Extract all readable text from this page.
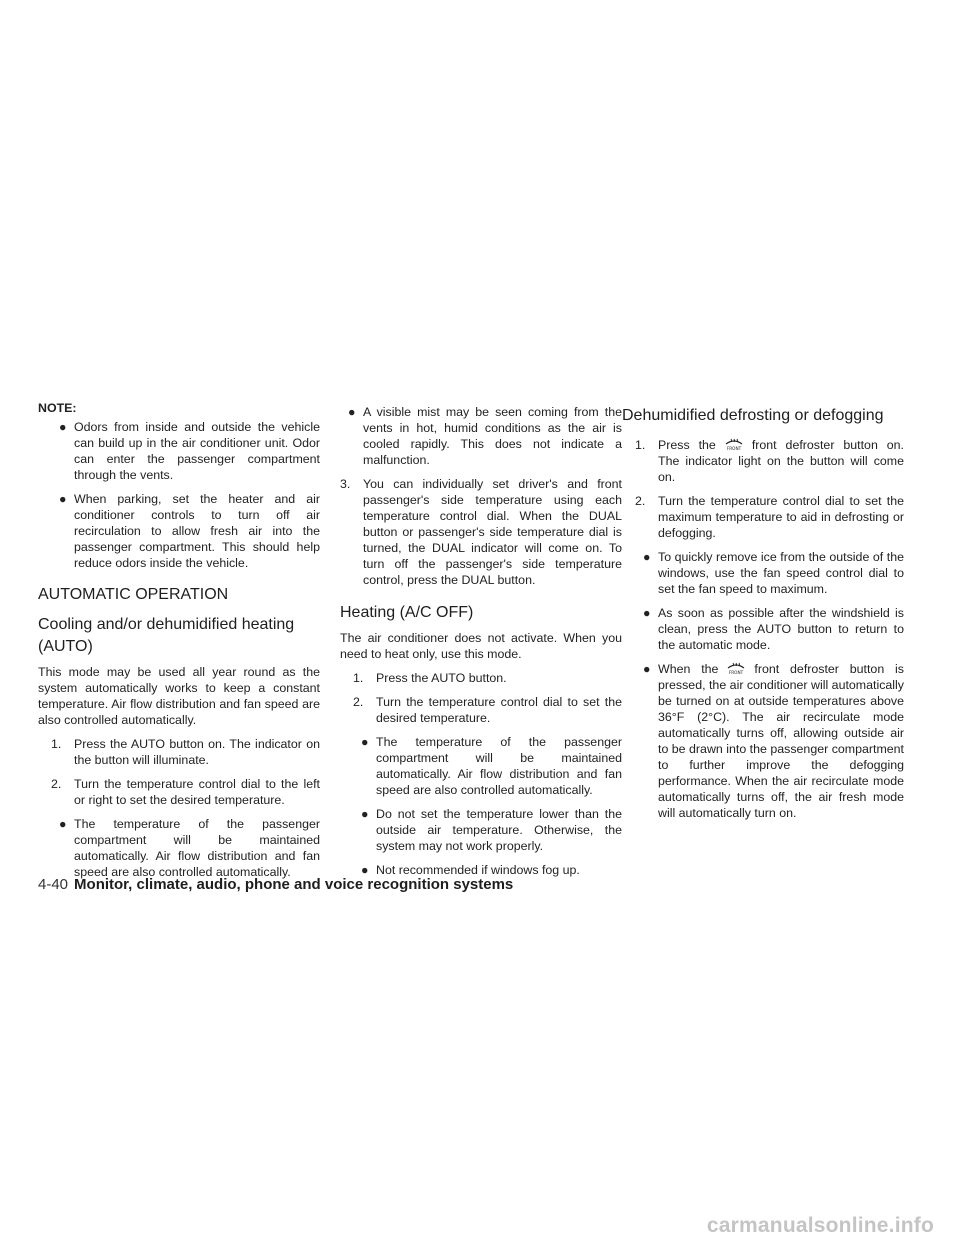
NOTE:
● Odors from inside and outside the vehicle can build up in the air conditioner unit. Odor can enter the passenger compartment through the vents.
● When parking, set the heater and air conditioner controls to turn off air recirculation to allow fresh air into the passenger compartment. This should help reduce odors inside the vehicle.
AUTOMATIC OPERATION
Cooling and/or dehumidified heating (AUTO)

This mode may be used all year round as the system automatically works to keep a constant temperature. Air flow distribution and fan speed are also controlled automatically.

1. Press the AUTO button on. The indicator on the button will illuminate.
2. Turn the temperature control dial to the left or right to set the desired temperature.
● The temperature of the passenger compartment will be maintained automatically. Air flow distribution and fan speed are also controlled automatically.
● A visible mist may be seen coming from the vents in hot, humid conditions as the air is cooled rapidly. This does not indicate a malfunction.
3. You can individually set driver's and front passenger's side temperature using each temperature control dial. When the DUAL button or passenger's side temperature dial is turned, the DUAL indicator will come on. To turn off the passenger's side temperature control, press the DUAL button.
Heating (A/C OFF)

The air conditioner does not activate. When you need to heat only, use this mode.

1. Press the AUTO button.
2. Turn the temperature control dial to set the desired temperature.
● The temperature of the passenger compartment will be maintained automatically. Air flow distribution and fan speed are also controlled automatically.
● Do not set the temperature lower than the outside air temperature. Otherwise, the system may not work properly.
● Not recommended if windows fog up.
Dehumidified defrosting or defogging
1. Press the	FRONT front defroster button on. The indicator light on the button will come on.
2. Turn the temperature control dial to set the maximum temperature to aid in defrosting or defogging.
● To quickly remove ice from the outside of the windows, use the fan speed control dial to set the fan speed to maximum.
● As soon as possible after the windshield is clean, press the AUTO button to return to the automatic mode.
● When the	FRONT front defroster button is pressed, the air conditioner will automatically be turned on at outside temperatures above 36°F (2°C). The air recirculate mode automatically turns off, allowing outside air to be drawn into the passenger compartment to further improve the defogging performance. When the air recirculate mode automatically turns off, the air fresh mode will automatically turn on.
4-40 Monitor, climate, audio, phone and voice recognition systems
carmanualsonline.info
